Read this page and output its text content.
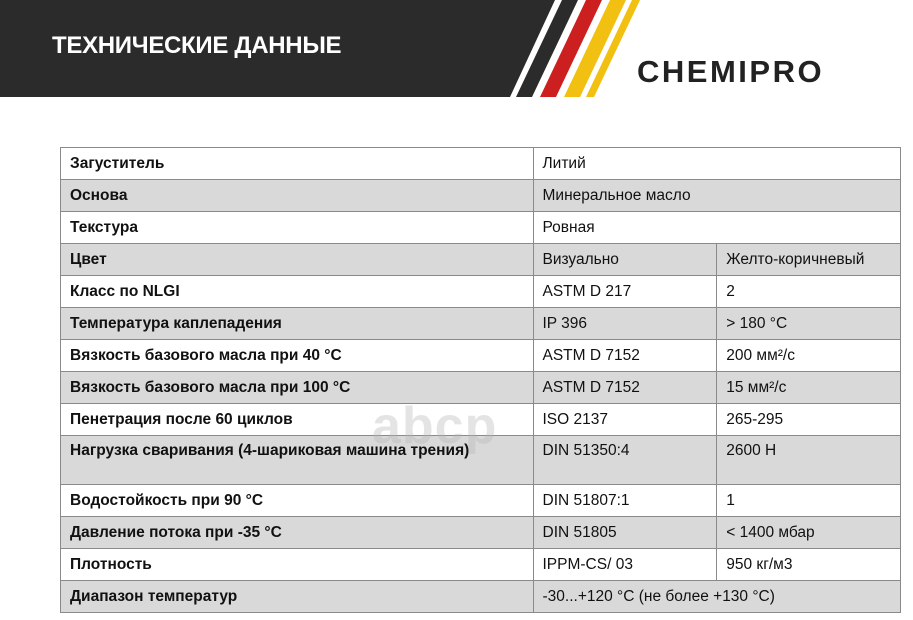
ТЕХНИЧЕСКИЕ ДАННЫЕ
CHEMIPRO
Загуститель	Литий	
Основа	Минеральное масло	
Текстура	Ровная	
Цвет	Визуально	Желто-коричневый
Класс по NLGI	ASTM D 217	2
Температура каплепадения	IP 396	> 180 °C
Вязкость базового масла при 40 °C	ASTM D 7152	200 мм²/с
Вязкость базового масла при 100 °C	ASTM D 7152	15 мм²/с
Пенетрация после 60 циклов	ISO 2137	265-295
Нагрузка сваривания (4-шариковая машина трения)	DIN 51350:4	2600 Н
Водостойкость при 90 °C	DIN 51807:1	1
Давление потока при -35 °C	DIN 51805	< 1400 мбар
Плотность	IPPM-CS/ 03	950 кг/м3
Диапазон температур	-30...+120 °C (не более +130 °C)	
abcp
